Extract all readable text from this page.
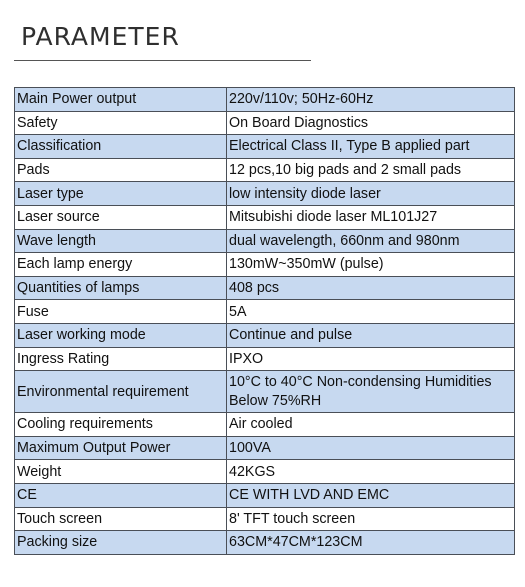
PARAMETER
Main Power output	220v/110v; 50Hz-60Hz
Safety	On Board Diagnostics
Classification	Electrical Class II, Type B applied part
Pads	12 pcs,10 big pads and 2 small pads
Laser type	low intensity diode laser
Laser source	Mitsubishi diode laser ML101J27
Wave length	dual wavelength, 660nm and 980nm
Each lamp energy	130mW~350mW (pulse)
Quantities of lamps	408 pcs
Fuse	5A
Laser working mode	Continue and pulse
Ingress Rating	IPXO
Environmental requirement	10°C to 40°C Non-condensing Humidities Below 75%RH
Cooling requirements	Air cooled
Maximum Output Power	100VA
Weight	42KGS
CE	CE WITH LVD AND EMC
Touch screen	8' TFT touch screen
Packing size	63CM*47CM*123CM
